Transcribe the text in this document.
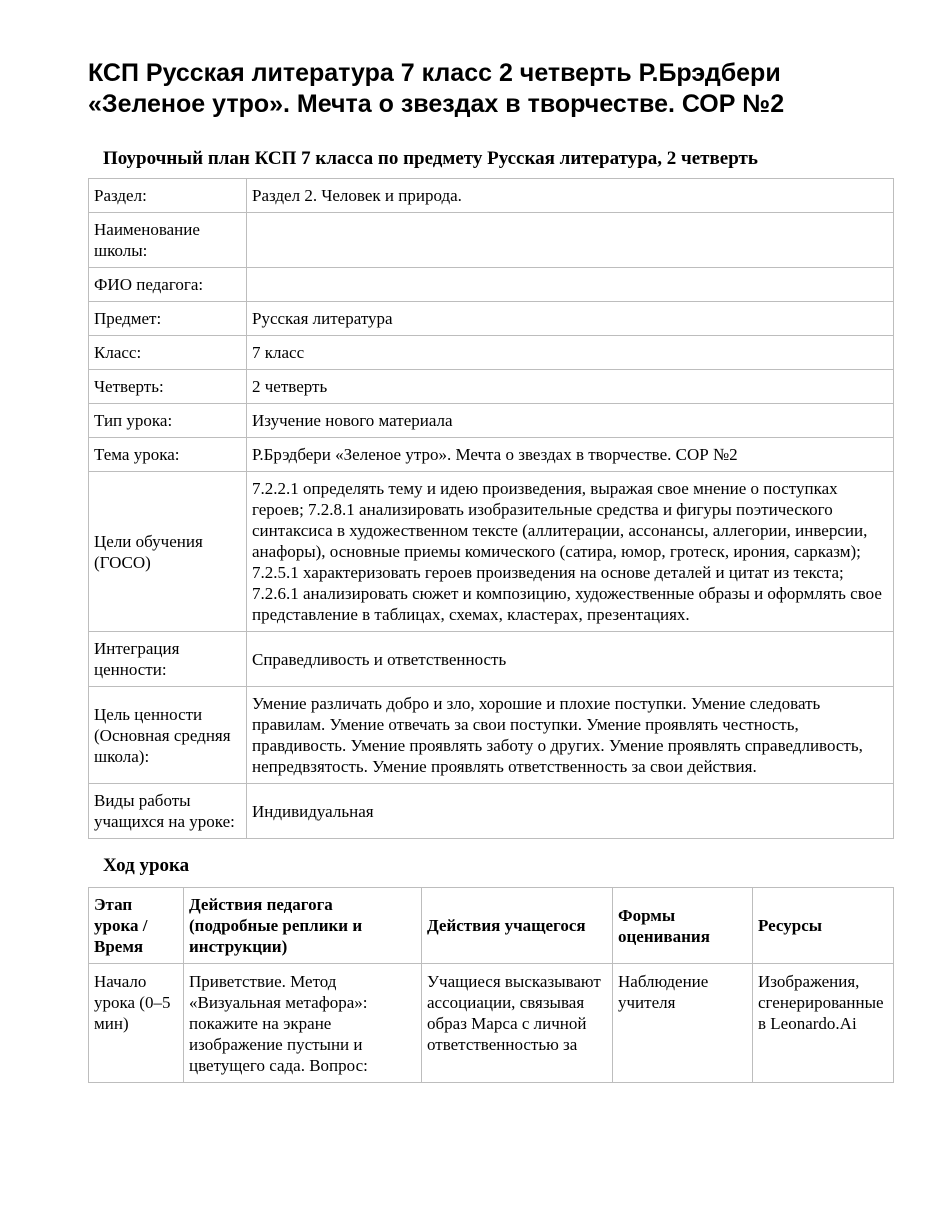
КСП Русская литература 7 класс 2 четверть Р.Брэдбери «Зеленое утро». Мечта о звездах в творчестве. СОР №2
Поурочный план КСП 7 класса по предмету Русская литература, 2 четверть
Раздел:	Раздел 2. Человек и природа.
Наименование школы:	
ФИО педагога:	
Предмет:	Русская литература
Класс:	7 класс
Четверть:	2 четверть
Тип урока:	Изучение нового материала
Тема урока:	Р.Брэдбери «Зеленое утро». Мечта о звездах в творчестве. СОР №2
Цели обучения (ГОСО)	7.2.2.1 определять тему и идею произведения, выражая свое мнение о поступках героев; 7.2.8.1 анализировать изобразительные средства и фигуры поэтического синтаксиса в художественном тексте (аллитерации, ассонансы, аллегории, инверсии, анафоры), основные приемы комического (сатира, юмор, гротеск, ирония, сарказм); 7.2.5.1 характеризовать героев произведения на основе деталей и цитат из текста; 7.2.6.1 анализировать сюжет и композицию, художественные образы и оформлять свое представление в таблицах, схемах, кластерах, презентациях.
Интеграция ценности:	Справедливость и ответственность
Цель ценности (Основная средняя школа):	Умение различать добро и зло, хорошие и плохие поступки. Умение следовать правилам. Умение отвечать за свои поступки. Умение проявлять честность, правдивость. Умение проявлять заботу о других. Умение проявлять справедливость, непредвзятость. Умение проявлять ответственность за свои действия.
Виды работы учащихся на уроке:	Индивидуальная
Ход урока
Этап урока / Время	Действия педагога (подробные реплики и инструкции)	Действия учащегося	Формы оценивания	Ресурсы
Начало урока (0–5 мин)	Приветствие. Метод «Визуальная метафора»: покажите на экране изображение пустыни и цветущего сада. Вопрос:	Учащиеся высказывают ассоциации, связывая образ Марса с личной ответственностью за	Наблюдение учителя	Изображения, сгенерированные в Leonardo.Ai
